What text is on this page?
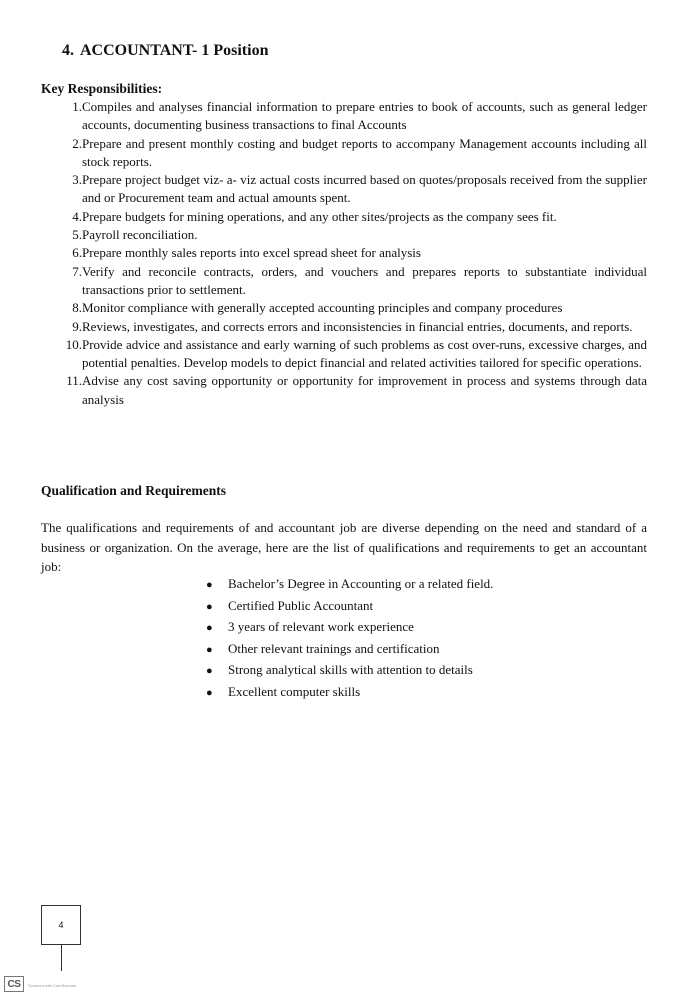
4. ACCOUNTANT- 1 Position
Key Responsibilities:
1. Compiles and analyses financial information to prepare entries to book of accounts, such as general ledger accounts, documenting business transactions to final Accounts
2. Prepare and present monthly costing and budget reports to accompany Management accounts including all stock reports.
3. Prepare project budget viz- a- viz actual costs incurred based on quotes/proposals received from the supplier and or Procurement team and actual amounts spent.
4. Prepare budgets for mining operations, and any other sites/projects as the company sees fit.
5. Payroll reconciliation.
6. Prepare monthly sales reports into excel spread sheet for analysis
7. Verify and reconcile contracts, orders, and vouchers and prepares reports to substantiate individual transactions prior to settlement.
8. Monitor compliance with generally accepted accounting principles and company procedures
9. Reviews, investigates, and corrects errors and inconsistencies in financial entries, documents, and reports.
10. Provide advice and assistance and early warning of such problems as cost over-runs, excessive charges, and potential penalties. Develop models to depict financial and related activities tailored for specific operations.
11. Advise any cost saving opportunity or opportunity for improvement in process and systems through data analysis
Qualification and Requirements

The qualifications and requirements of and accountant job are diverse depending on the need and standard of a business or organization. On the average, here are the list of qualifications and requirements to get an accountant job:

●	Bachelor’s Degree in Accounting or a related field.
●	Certified Public Accountant
●	3 years of relevant work experience
●	Other relevant trainings and certification
●	Strong analytical skills with attention to details
●	Excellent computer skills
4
CS	Scanned with CamScanner
